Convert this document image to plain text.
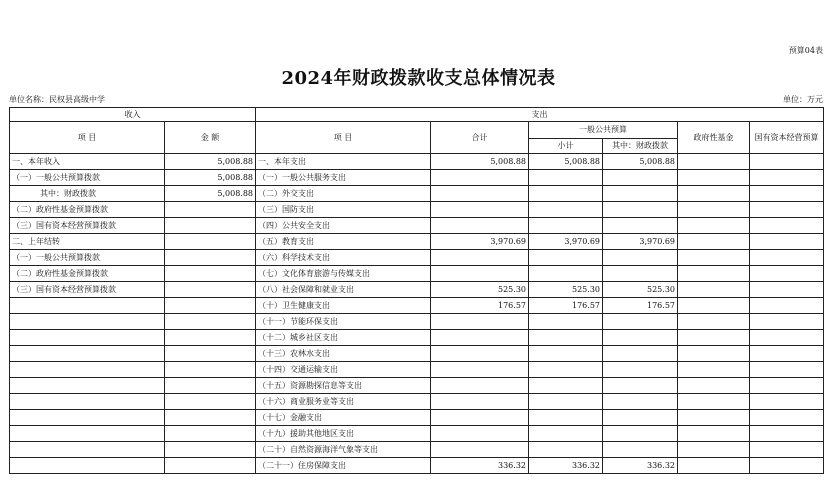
预算04表
2024年财政拨款收支总体情况表
单位名称：民权县高级中学	单位：万元
收入		支出					
项 目	金 额	项 目	合计	一般公共预算		政府性基金	国有资本经营预算
				小计	其中：财政拨款		
一、本年收入	5,008.88	一、本年支出	5,008.88	5,008.88	5,008.88		
（一）一般公共预算拨款	5,008.88	（一）一般公共服务支出					
其中：财政拨款	5,008.88	（二）外交支出					
（二）政府性基金预算拨款		（三）国防支出					
（三）国有资本经营预算拨款		（四）公共安全支出					
二、上年结转		（五）教育支出	3,970.69	3,970.69	3,970.69		
（一）一般公共预算拨款		（六）科学技术支出					
（二）政府性基金预算拨款		（七）文化体育旅游与传媒支出					
（三）国有资本经营预算拨款		（八）社会保障和就业支出	525.30	525.30	525.30		
		（十）卫生健康支出	176.57	176.57	176.57		
		（十一）节能环保支出					
		（十二）城乡社区支出					
		（十三）农林水支出					
		（十四）交通运输支出					
		（十五）资源勘探信息等支出					
		（十六）商业服务业等支出					
		（十七）金融支出					
		（十九）援助其他地区支出					
		（二十）自然资源海洋气象等支出					
		（二十一）住房保障支出	336.32	336.32	336.32		
